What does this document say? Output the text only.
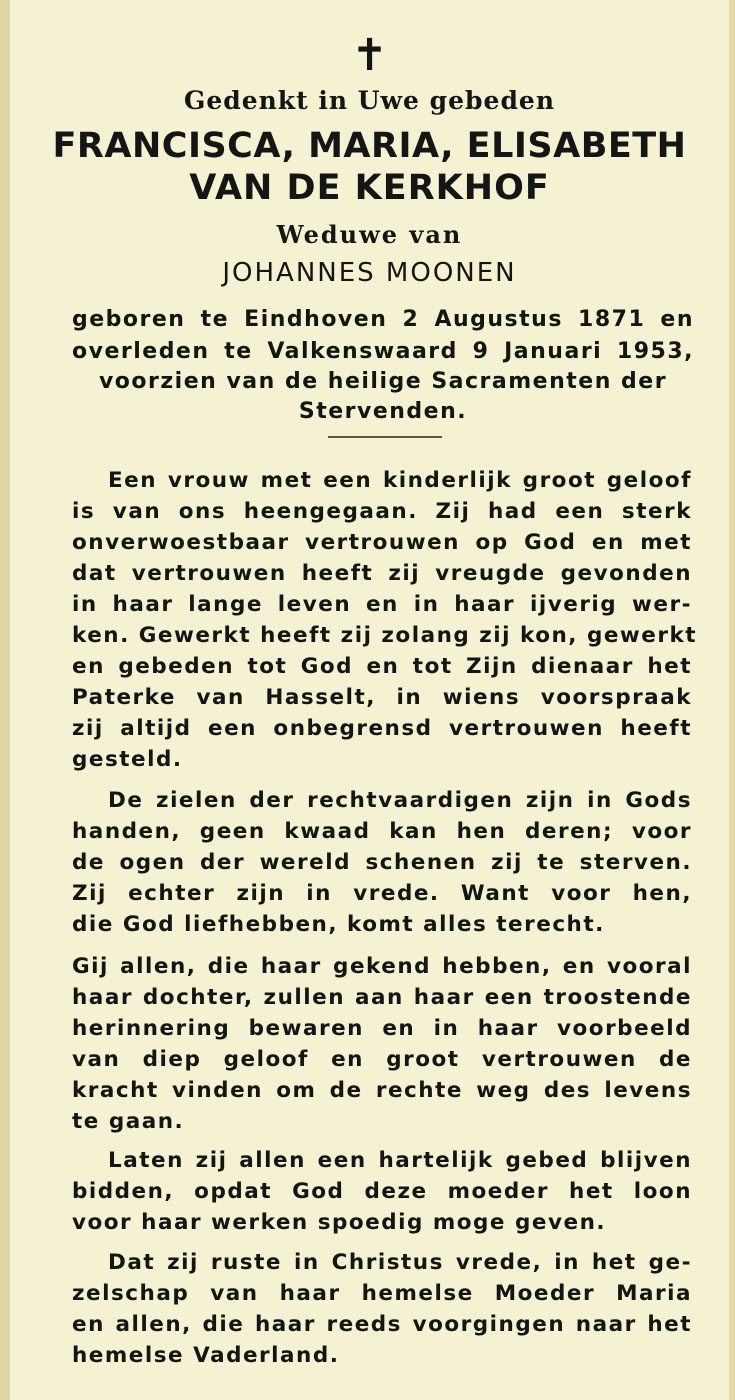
✝
Gedenkt in Uwe gebeden
FRANCISCA, MARIA, ELISABETH
VAN DE KERKHOF
Weduwe van
JOHANNES MOONEN
geboren te Eindhoven 2 Augustus 1871 en
overleden te Valkenswaard 9 Januari 1953,
voorzien van de heilige Sacramenten der
Stervenden.
Een vrouw met een kinderlijk groot geloof
is van ons heengegaan. Zij had een sterk
onverwoestbaar vertrouwen op God en met
dat vertrouwen heeft zij vreugde gevonden
in haar lange leven en in haar ijverig wer-
ken. Gewerkt heeft zij zolang zij kon, gewerkt
en gebeden tot God en tot Zijn dienaar het
Paterke van Hasselt, in wiens voorspraak
zij altijd een onbegrensd vertrouwen heeft
gesteld.
De zielen der rechtvaardigen zijn in Gods
handen, geen kwaad kan hen deren; voor
de ogen der wereld schenen zij te sterven.
Zij echter zijn in vrede. Want voor hen,
die God liefhebben, komt alles terecht.
Gij allen, die haar gekend hebben, en vooral
haar dochter, zullen aan haar een troostende
herinnering bewaren en in haar voorbeeld
van diep geloof en groot vertrouwen de
kracht vinden om de rechte weg des levens
te gaan.
Laten zij allen een hartelijk gebed blijven
bidden, opdat God deze moeder het loon
voor haar werken spoedig moge geven.
Dat zij ruste in Christus vrede, in het ge-
zelschap van haar hemelse Moeder Maria
en allen, die haar reeds voorgingen naar het
hemelse Vaderland.
